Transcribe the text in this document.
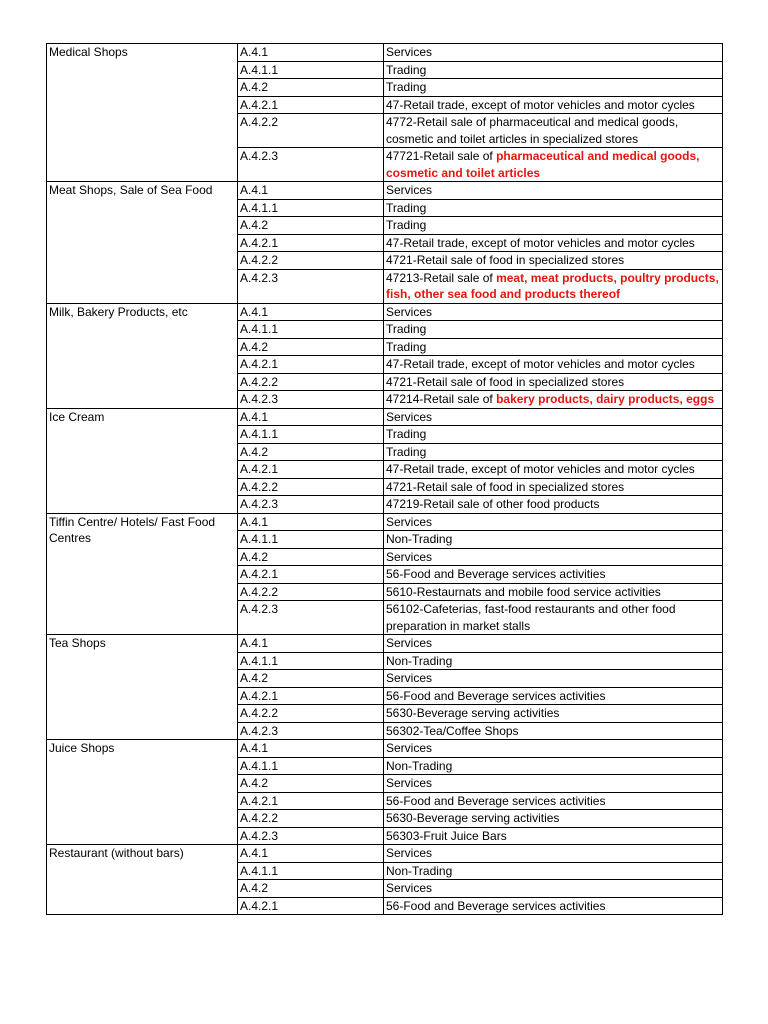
Medical Shops	A.4.1	Services
	A.4.1.1	Trading
	A.4.2	Trading
	A.4.2.1	47-Retail trade, except of motor vehicles and motor cycles
	A.4.2.2	4772-Retail sale of pharmaceutical and medical goods, cosmetic and toilet articles in specialized stores
	A.4.2.3	47721-Retail sale of pharmaceutical and medical goods, cosmetic and toilet articles
Meat Shops, Sale of Sea Food	A.4.1	Services
	A.4.1.1	Trading
	A.4.2	Trading
	A.4.2.1	47-Retail trade, except of motor vehicles and motor cycles
	A.4.2.2	4721-Retail sale of food in specialized stores
	A.4.2.3	47213-Retail sale of meat, meat products, poultry products, fish, other sea food and products thereof
Milk, Bakery Products, etc	A.4.1	Services
	A.4.1.1	Trading
	A.4.2	Trading
	A.4.2.1	47-Retail trade, except of motor vehicles and motor cycles
	A.4.2.2	4721-Retail sale of food in specialized stores
	A.4.2.3	47214-Retail sale of bakery products, dairy products, eggs
Ice Cream	A.4.1	Services
	A.4.1.1	Trading
	A.4.2	Trading
	A.4.2.1	47-Retail trade, except of motor vehicles and motor cycles
	A.4.2.2	4721-Retail sale of food in specialized stores
	A.4.2.3	47219-Retail sale of other food products
Tiffin Centre/ Hotels/ Fast Food Centres	A.4.1	Services
	A.4.1.1	Non-Trading
	A.4.2	Services
	A.4.2.1	56-Food and Beverage services activities
	A.4.2.2	5610-Restaurnats and mobile food service activities
	A.4.2.3	56102-Cafeterias, fast-food restaurants and other food preparation in market stalls
Tea Shops	A.4.1	Services
	A.4.1.1	Non-Trading
	A.4.2	Services
	A.4.2.1	56-Food and Beverage services activities
	A.4.2.2	5630-Beverage serving activities
	A.4.2.3	56302-Tea/Coffee Shops
Juice Shops	A.4.1	Services
	A.4.1.1	Non-Trading
	A.4.2	Services
	A.4.2.1	56-Food and Beverage services activities
	A.4.2.2	5630-Beverage serving activities
	A.4.2.3	56303-Fruit Juice Bars
Restaurant (without bars)	A.4.1	Services
	A.4.1.1	Non-Trading
	A.4.2	Services
	A.4.2.1	56-Food and Beverage services activities
